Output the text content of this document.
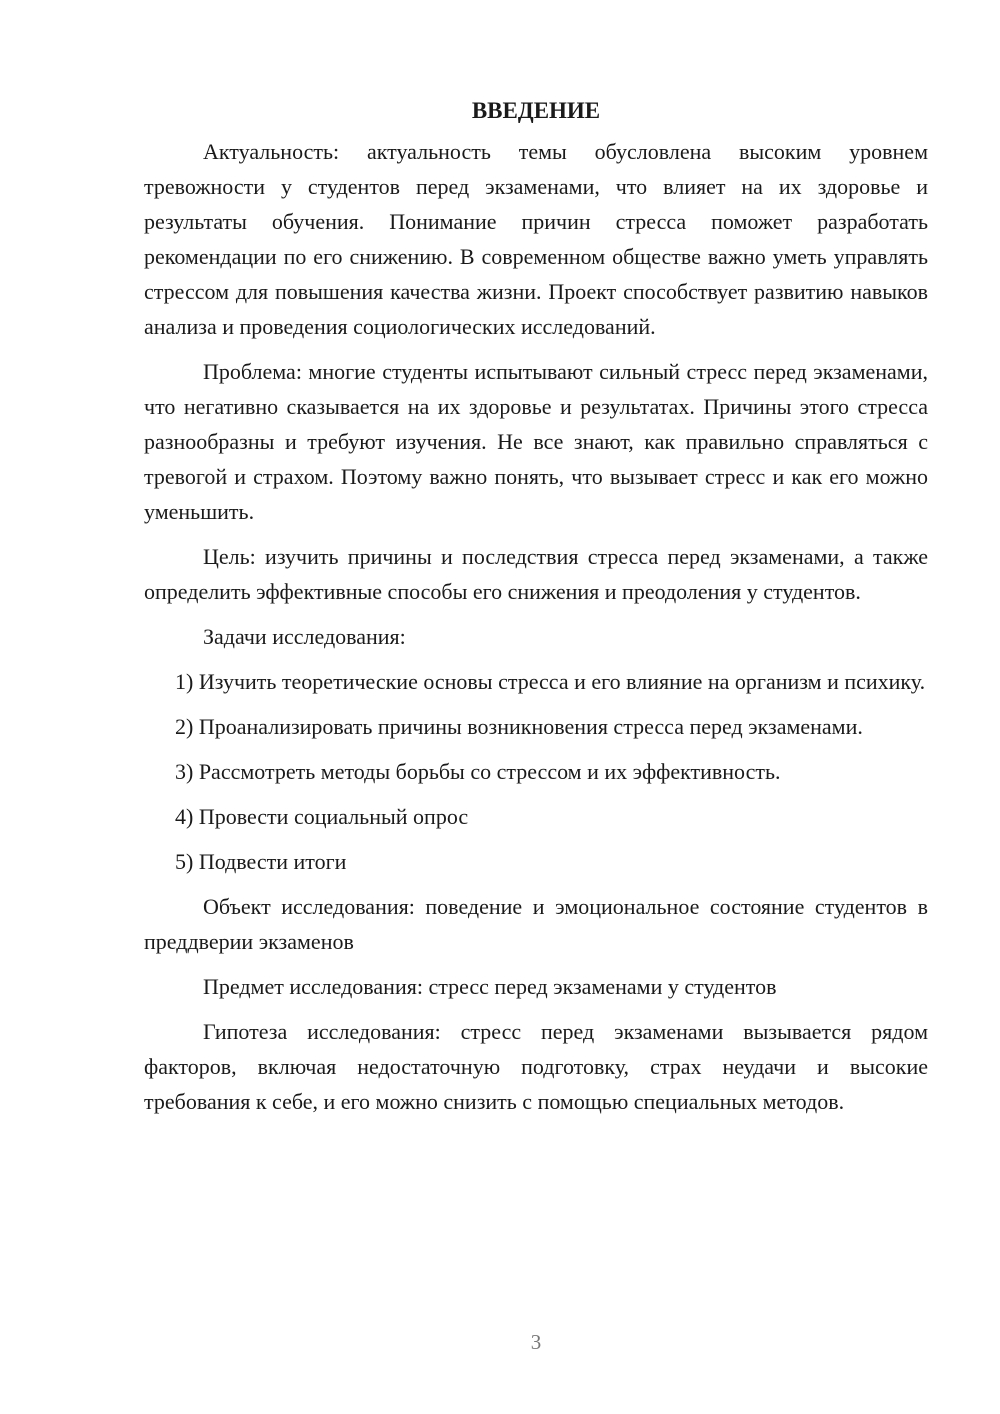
ВВЕДЕНИЕ

Актуальность: актуальность темы обусловлена высоким уровнем тревожности у студентов перед экзаменами, что влияет на их здоровье и результаты обучения. Понимание причин стресса поможет разработать рекомендации по его снижению. В современном обществе важно уметь управлять стрессом для повышения качества жизни. Проект способствует развитию навыков анализа и проведения социологических исследований.

Проблема: многие студенты испытывают сильный стресс перед экзаменами, что негативно сказывается на их здоровье и результатах. Причины этого стресса разнообразны и требуют изучения. Не все знают, как правильно справляться с тревогой и страхом. Поэтому важно понять, что вызывает стресс и как его можно уменьшить.

Цель: изучить причины и последствия стресса перед экзаменами, а также определить эффективные способы его снижения и преодоления у студентов.

Задачи исследования:

1) Изучить теоретические основы стресса и его влияние на организм и психику.

2) Проанализировать причины возникновения стресса перед экзаменами.

3) Рассмотреть методы борьбы со стрессом и их эффективность.

4) Провести социальный опрос

5) Подвести итоги

Объект исследования: поведение и эмоциональное состояние студентов в преддверии экзаменов

Предмет исследования: стресс перед экзаменами у студентов

Гипотеза исследования: стресс перед экзаменами вызывается рядом факторов, включая недостаточную подготовку, страх неудачи и высокие требования к себе, и его можно снизить с помощью специальных методов.

3
